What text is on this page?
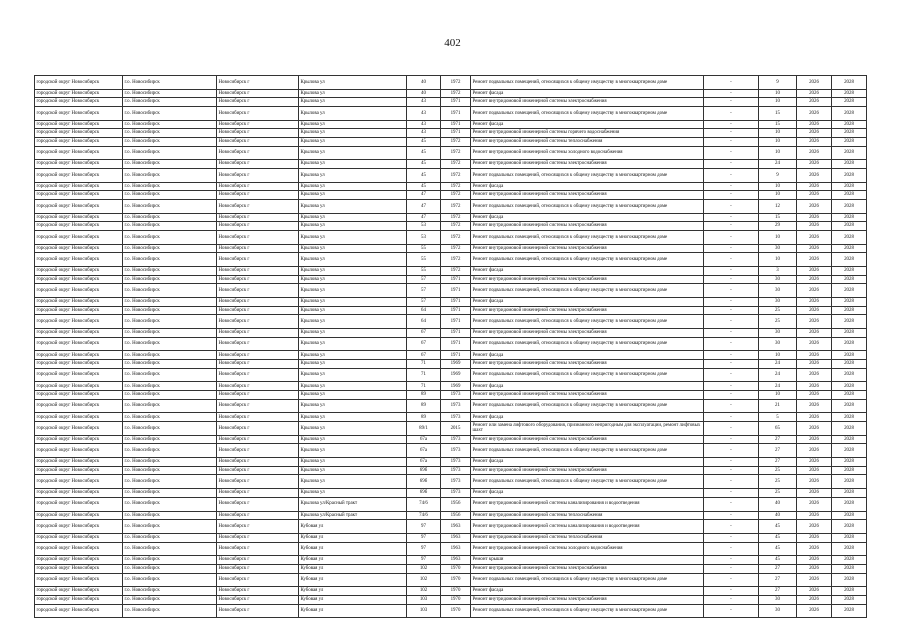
402
городской округ Новосибирск	г.о. Новосибирск	Новосибирск г	Крылова ул	40	1972	Ремонт подвальных помещений, относящихся к общему имуществу в многоквартирном доме	-	9	2026	2028
городской округ Новосибирск	г.о. Новосибирск	Новосибирск г	Крылова ул	40	1972	Ремонт фасада	-	10	2026	2028
городской округ Новосибирск	г.о. Новосибирск	Новосибирск г	Крылова ул	43	1971	Ремонт внутридомовой инженерной системы электроснабжения	-	10	2026	2028
городской округ Новосибирск	г.о. Новосибирск	Новосибирск г	Крылова ул	43	1971	Ремонт подвальных помещений, относящихся к общему имуществу в многоквартирном доме	-	15	2026	2028
городской округ Новосибирск	г.о. Новосибирск	Новосибирск г	Крылова ул	43	1971	Ремонт фасада	-	15	2026	2028
городской округ Новосибирск	г.о. Новосибирск	Новосибирск г	Крылова ул	43	1971	Ремонт внутридомовой инженерной системы горячего водоснабжения	-	10	2026	2028
городской округ Новосибирск	г.о. Новосибирск	Новосибирск г	Крылова ул	45	1972	Ремонт внутридомовой инженерной системы теплоснабжения	-	10	2026	2028
городской округ Новосибирск	г.о. Новосибирск	Новосибирск г	Крылова ул	45	1972	Ремонт внутридомовой инженерной системы холодного водоснабжения	-	10	2026	2028
городской округ Новосибирск	г.о. Новосибирск	Новосибирск г	Крылова ул	45	1972	Ремонт внутридомовой инженерной системы электроснабжения	-	24	2026	2028
городской округ Новосибирск	г.о. Новосибирск	Новосибирск г	Крылова ул	45	1972	Ремонт подвальных помещений, относящихся к общему имуществу в многоквартирном доме	-	9	2026	2028
городской округ Новосибирск	г.о. Новосибирск	Новосибирск г	Крылова ул	45	1972	Ремонт фасада	-	10	2026	2028
городской округ Новосибирск	г.о. Новосибирск	Новосибирск г	Крылова ул	47	1972	Ремонт внутридомовой инженерной системы электроснабжения	-	10	2026	2028
городской округ Новосибирск	г.о. Новосибирск	Новосибирск г	Крылова ул	47	1972	Ремонт подвальных помещений, относящихся к общему имуществу в многоквартирном доме	-	12	2026	2028
городской округ Новосибирск	г.о. Новосибирск	Новосибирск г	Крылова ул	47	1972	Ремонт фасада	-	15	2026	2028
городской округ Новосибирск	г.о. Новосибирск	Новосибирск г	Крылова ул	53	1972	Ремонт внутридомовой инженерной системы электроснабжения	-	29	2026	2028
городской округ Новосибирск	г.о. Новосибирск	Новосибирск г	Крылова ул	53	1972	Ремонт подвальных помещений, относящихся к общему имуществу в многоквартирном доме	-	10	2026	2028
городской округ Новосибирск	г.о. Новосибирск	Новосибирск г	Крылова ул	55	1972	Ремонт внутридомовой инженерной системы электроснабжения	-	30	2026	2028
городской округ Новосибирск	г.о. Новосибирск	Новосибирск г	Крылова ул	55	1972	Ремонт подвальных помещений, относящихся к общему имуществу в многоквартирном доме	-	10	2026	2028
городской округ Новосибирск	г.о. Новосибирск	Новосибирск г	Крылова ул	55	1972	Ремонт фасада	-	3	2026	2028
городской округ Новосибирск	г.о. Новосибирск	Новосибирск г	Крылова ул	57	1971	Ремонт внутридомовой инженерной системы электроснабжения	-	30	2026	2028
городской округ Новосибирск	г.о. Новосибирск	Новосибирск г	Крылова ул	57	1971	Ремонт подвальных помещений, относящихся к общему имуществу в многоквартирном доме	-	30	2026	2028
городской округ Новосибирск	г.о. Новосибирск	Новосибирск г	Крылова ул	57	1971	Ремонт фасада	-	30	2026	2028
городской округ Новосибирск	г.о. Новосибирск	Новосибирск г	Крылова ул	64	1971	Ремонт внутридомовой инженерной системы электроснабжения	-	25	2026	2028
городской округ Новосибирск	г.о. Новосибирск	Новосибирск г	Крылова ул	64	1971	Ремонт подвальных помещений, относящихся к общему имуществу в многоквартирном доме	-	25	2026	2028
городской округ Новосибирск	г.о. Новосибирск	Новосибирск г	Крылова ул	67	1971	Ремонт внутридомовой инженерной системы электроснабжения	-	30	2026	2028
городской округ Новосибирск	г.о. Новосибирск	Новосибирск г	Крылова ул	67	1971	Ремонт подвальных помещений, относящихся к общему имуществу в многоквартирном доме	-	30	2026	2028
городской округ Новосибирск	г.о. Новосибирск	Новосибирск г	Крылова ул	67	1971	Ремонт фасада	-	10	2026	2028
городской округ Новосибирск	г.о. Новосибирск	Новосибирск г	Крылова ул	71	1969	Ремонт внутридомовой инженерной системы электроснабжения	-	24	2026	2028
городской округ Новосибирск	г.о. Новосибирск	Новосибирск г	Крылова ул	71	1969	Ремонт подвальных помещений, относящихся к общему имуществу в многоквартирном доме	-	24	2026	2028
городской округ Новосибирск	г.о. Новосибирск	Новосибирск г	Крылова ул	71	1969	Ремонт фасада	-	24	2026	2028
городской округ Новосибирск	г.о. Новосибирск	Новосибирск г	Крылова ул	89	1973	Ремонт внутридомовой инженерной системы электроснабжения	-	10	2026	2028
городской округ Новосибирск	г.о. Новосибирск	Новосибирск г	Крылова ул	89	1973	Ремонт подвальных помещений, относящихся к общему имуществу в многоквартирном доме	-	21	2026	2028
городской округ Новосибирск	г.о. Новосибирск	Новосибирск г	Крылова ул	89	1973	Ремонт фасада	-	5	2026	2028
городской округ Новосибирск	г.о. Новосибирск	Новосибирск г	Крылова ул	89/1	2015	Ремонт или замена лифтового оборудования, признанного непригодным для эксплуатации, ремонт лифтовых шахт	-	65	2026	2028
городской округ Новосибирск	г.о. Новосибирск	Новосибирск г	Крылова ул	67а	1973	Ремонт внутридомовой инженерной системы электроснабжения	-	27	2026	2028
городской округ Новосибирск	г.о. Новосибирск	Новосибирск г	Крылова ул	67а	1973	Ремонт подвальных помещений, относящихся к общему имуществу в многоквартирном доме	-	27	2026	2028
городской округ Новосибирск	г.о. Новосибирск	Новосибирск г	Крылова ул	67а	1973	Ремонт фасада	-	27	2026	2028
городской округ Новосибирск	г.о. Новосибирск	Новосибирск г	Крылова ул	69б	1973	Ремонт внутридомовой инженерной системы электроснабжения	-	25	2026	2028
городской округ Новосибирск	г.о. Новосибирск	Новосибирск г	Крылова ул	69б	1973	Ремонт подвальных помещений, относящихся к общему имуществу в многоквартирном доме	-	25	2026	2028
городской округ Новосибирск	г.о. Новосибирск	Новосибирск г	Крылова ул	69б	1973	Ремонт фасада	-	25	2026	2028
городской округ Новосибирск	г.о. Новосибирск	Новосибирск г	Крылова ул/Красный тракт	74/6	1956	Ремонт внутридомовой инженерной системы канализирования и водоотведения	-	40	2026	2028
городской округ Новосибирск	г.о. Новосибирск	Новосибирск г	Крылова ул/Красный тракт	74/6	1956	Ремонт внутридомовой инженерной системы теплоснабжения	-	40	2026	2028
городской округ Новосибирск	г.о. Новосибирск	Новосибирск г	Кубовая ул	97	1963	Ремонт внутридомовой инженерной системы канализирования и водоотведения	-	45	2026	2028
городской округ Новосибирск	г.о. Новосибирск	Новосибирск г	Кубовая ул	97	1963	Ремонт внутридомовой инженерной системы теплоснабжения	-	45	2026	2028
городской округ Новосибирск	г.о. Новосибирск	Новосибирск г	Кубовая ул	97	1963	Ремонт внутридомовой инженерной системы холодного водоснабжения	-	45	2026	2028
городской округ Новосибирск	г.о. Новосибирск	Новосибирск г	Кубовая ул	97	1963	Ремонт крыши	-	45	2026	2028
городской округ Новосибирск	г.о. Новосибирск	Новосибирск г	Кубовая ул	102	1970	Ремонт внутридомовой инженерной системы электроснабжения	-	27	2026	2028
городской округ Новосибирск	г.о. Новосибирск	Новосибирск г	Кубовая ул	102	1970	Ремонт подвальных помещений, относящихся к общему имуществу в многоквартирном доме	-	27	2026	2028
городской округ Новосибирск	г.о. Новосибирск	Новосибирск г	Кубовая ул	102	1970	Ремонт фасада	-	27	2026	2028
городской округ Новосибирск	г.о. Новосибирск	Новосибирск г	Кубовая ул	103	1970	Ремонт внутридомовой инженерной системы электроснабжения	-	30	2026	2028
городской округ Новосибирск	г.о. Новосибирск	Новосибирск г	Кубовая ул	103	1970	Ремонт подвальных помещений, относящихся к общему имуществу в многоквартирном доме	-	30	2026	2028
